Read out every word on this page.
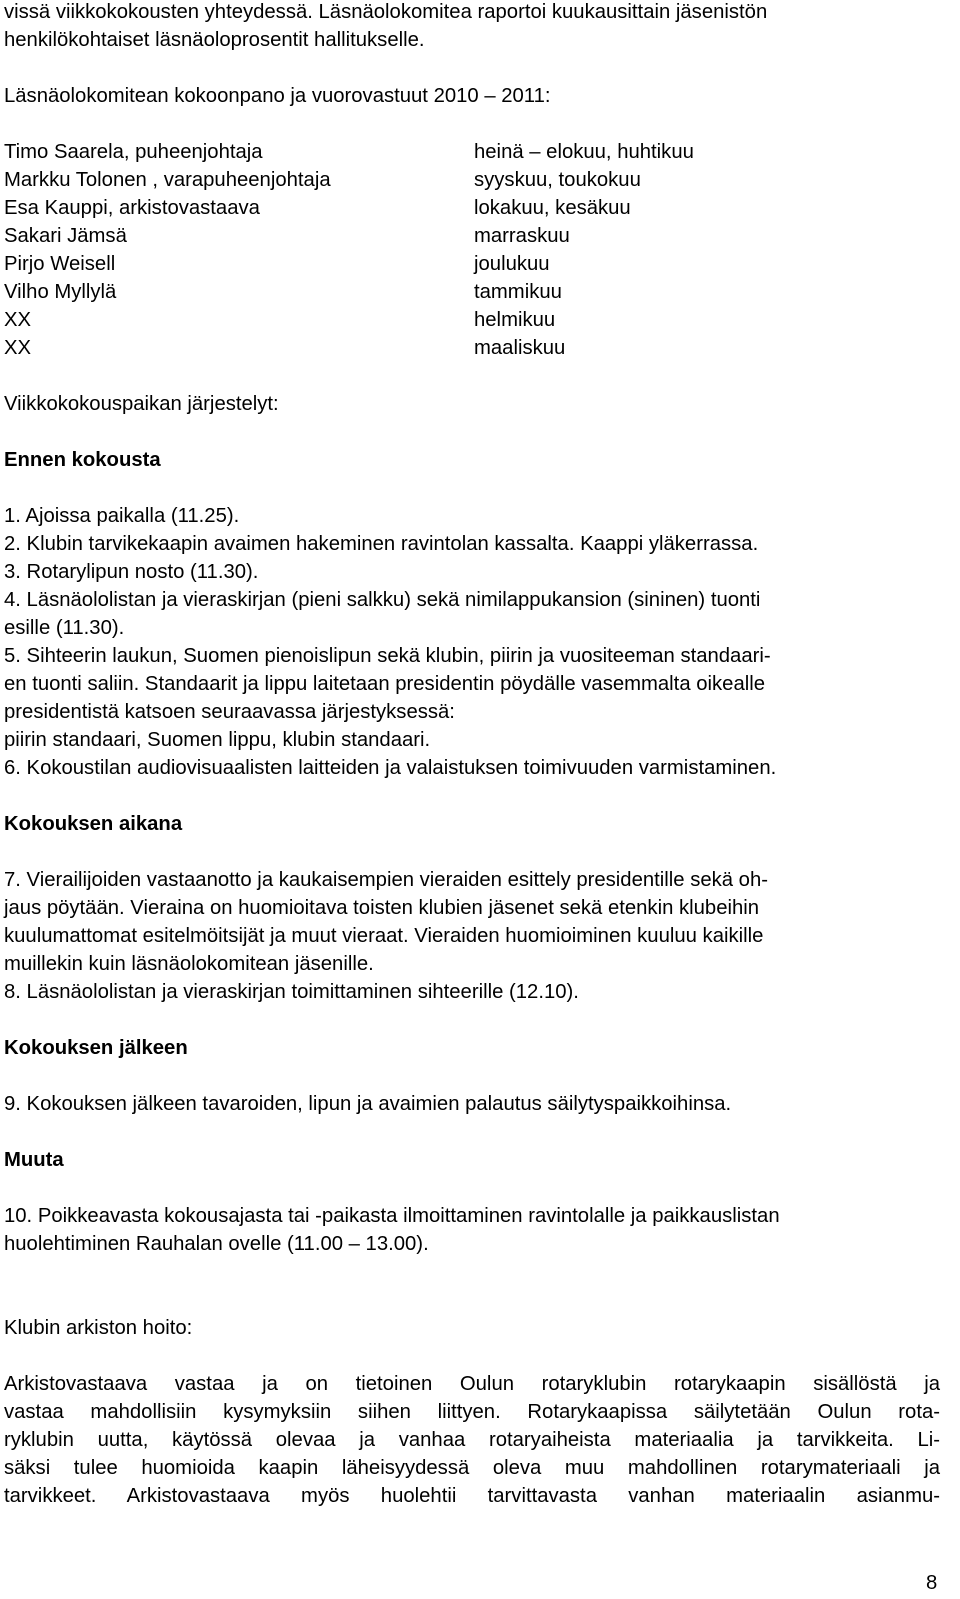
vissä viikkokokousten yhteydessä. Läsnäolokomitea raportoi kuukausittain jäsenistön
henkilökohtaiset läsnäoloprosentit hallitukselle.
Läsnäolokomitean kokoonpano ja vuorovastuut 2010 – 2011:
Timo Saarela, puheenjohtaja	heinä – elokuu, huhtikuu
Markku Tolonen , varapuheenjohtaja	syyskuu, toukokuu
Esa Kauppi, arkistovastaava	lokakuu, kesäkuu
Sakari Jämsä	marraskuu
Pirjo Weisell	joulukuu
Vilho Myllylä	tammikuu
XX	helmikuu
XX	maaliskuu
Viikkokokouspaikan järjestelyt:
Ennen kokousta
1. Ajoissa paikalla (11.25).
2. Klubin tarvikekaapin avaimen hakeminen ravintolan kassalta. Kaappi yläkerrassa.
3. Rotarylipun nosto (11.30).
4. Läsnäololistan ja vieraskirjan (pieni salkku) sekä nimilappukansion (sininen) tuonti
esille (11.30).
5. Sihteerin laukun, Suomen pienoislipun sekä klubin, piirin ja vuositeeman standaari-
en tuonti saliin. Standaarit ja lippu laitetaan presidentin pöydälle vasemmalta oikealle
presidentistä katsoen seuraavassa järjestyksessä:
piirin standaari, Suomen lippu, klubin standaari.
6. Kokoustilan audiovisuaalisten laitteiden ja valaistuksen toimivuuden varmistaminen.
Kokouksen aikana
7. Vierailijoiden vastaanotto ja kaukaisempien vieraiden esittely presidentille sekä oh-
jaus pöytään. Vieraina on huomioitava toisten klubien jäsenet sekä etenkin klubeihin
kuulumattomat esitelmöitsijät ja muut vieraat. Vieraiden huomioiminen kuuluu kaikille
muillekin kuin läsnäolokomitean jäsenille.
8. Läsnäololistan ja vieraskirjan toimittaminen sihteerille (12.10).
Kokouksen jälkeen
9. Kokouksen jälkeen tavaroiden, lipun ja avaimien palautus säilytyspaikkoihinsa.
Muuta
10. Poikkeavasta kokousajasta tai -paikasta ilmoittaminen ravintolalle ja paikkauslistan
huolehtiminen Rauhalan ovelle (11.00 – 13.00).
Klubin arkiston hoito:
Arkistovastaava vastaa ja on tietoinen Oulun rotaryklubin rotarykaapin sisällöstä ja
vastaa mahdollisiin kysymyksiin siihen liittyen. Rotarykaapissa säilytetään Oulun rota-
ryklubin uutta, käytössä olevaa ja vanhaa rotaryaiheista materiaalia ja tarvikkeita. Li-
säksi tulee huomioida kaapin läheisyydessä oleva muu mahdollinen rotarymateriaali ja
tarvikkeet. Arkistovastaava myös huolehtii tarvittavasta vanhan materiaalin asianmu-
8
